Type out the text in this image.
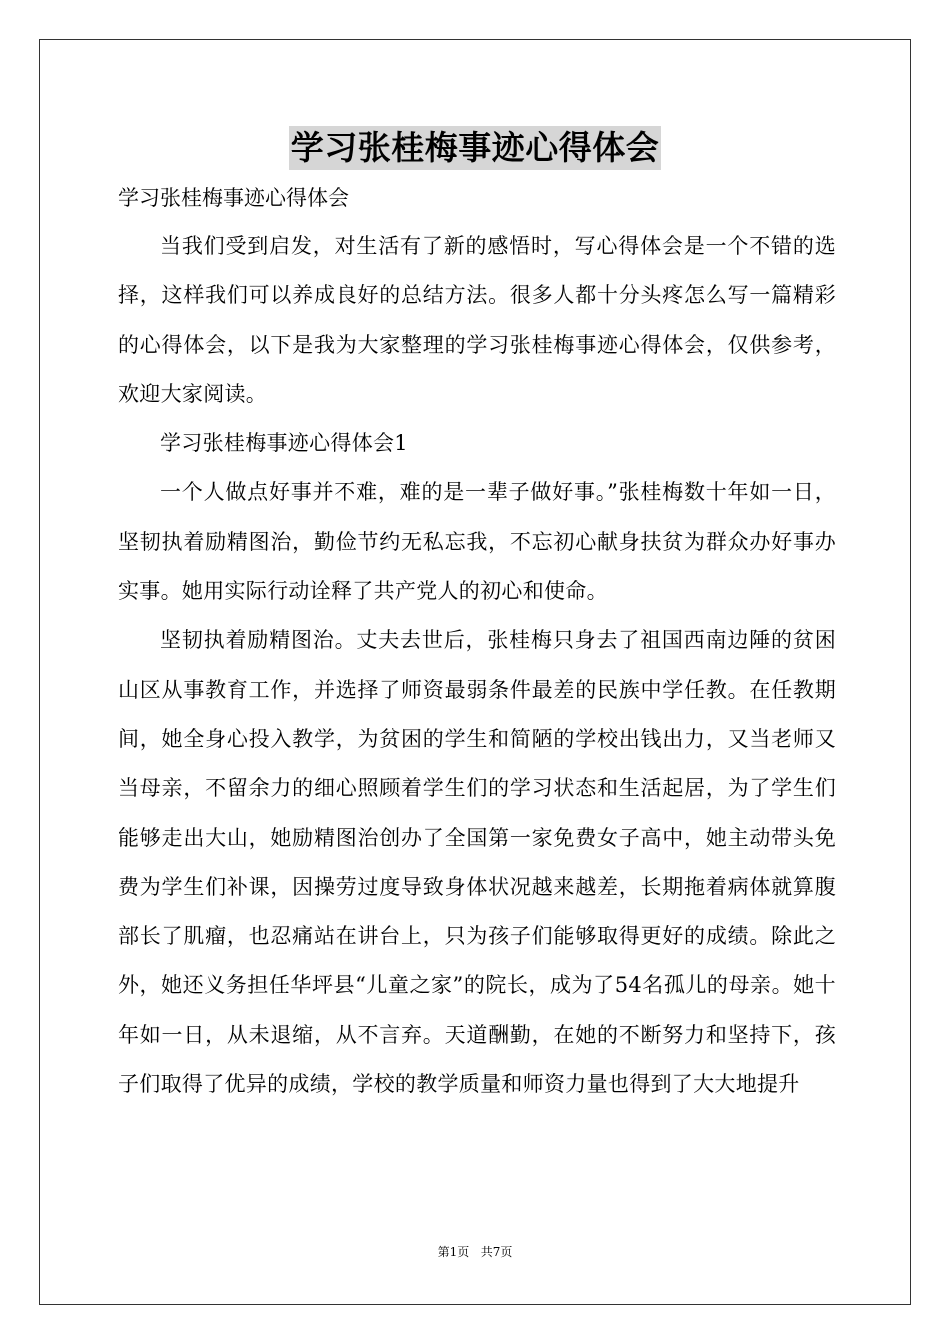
学习张桂梅事迹心得体会
学习张桂梅事迹心得体会

当我们受到启发，对生活有了新的感悟时，写心得体会是一个不错的选择，这样我们可以养成良好的总结方法。很多人都十分头疼怎么写一篇精彩的心得体会，以下是我为大家整理的学习张桂梅事迹心得体会，仅供参考，欢迎大家阅读。

学习张桂梅事迹心得体会1

一个人做点好事并不难，难的是一辈子做好事。”张桂梅数十年如一日，坚韧执着励精图治，勤俭节约无私忘我，不忘初心献身扶贫为群众办好事办实事。她用实际行动诠释了共产党人的初心和使命。

坚韧执着励精图治。丈夫去世后，张桂梅只身去了祖国西南边陲的贫困山区从事教育工作，并选择了师资最弱条件最差的民族中学任教。在任教期间，她全身心投入教学，为贫困的学生和简陋的学校出钱出力，又当老师又当母亲，不留余力的细心照顾着学生们的学习状态和生活起居，为了学生们能够走出大山，她励精图治创办了全国第一家免费女子高中，她主动带头免费为学生们补课，因操劳过度导致身体状况越来越差，长期拖着病体就算腹部长了肌瘤，也忍痛站在讲台上，只为孩子们能够取得更好的成绩。除此之外，她还义务担任华坪县“儿童之家”的院长，成为了54名孤儿的母亲。她十年如一日，从未退缩，从不言弃。天道酬勤，在她的不断努力和坚持下，孩子们取得了优异的成绩，学校的教学质量和师资力量也得到了大大地提升

第1页 共7页
